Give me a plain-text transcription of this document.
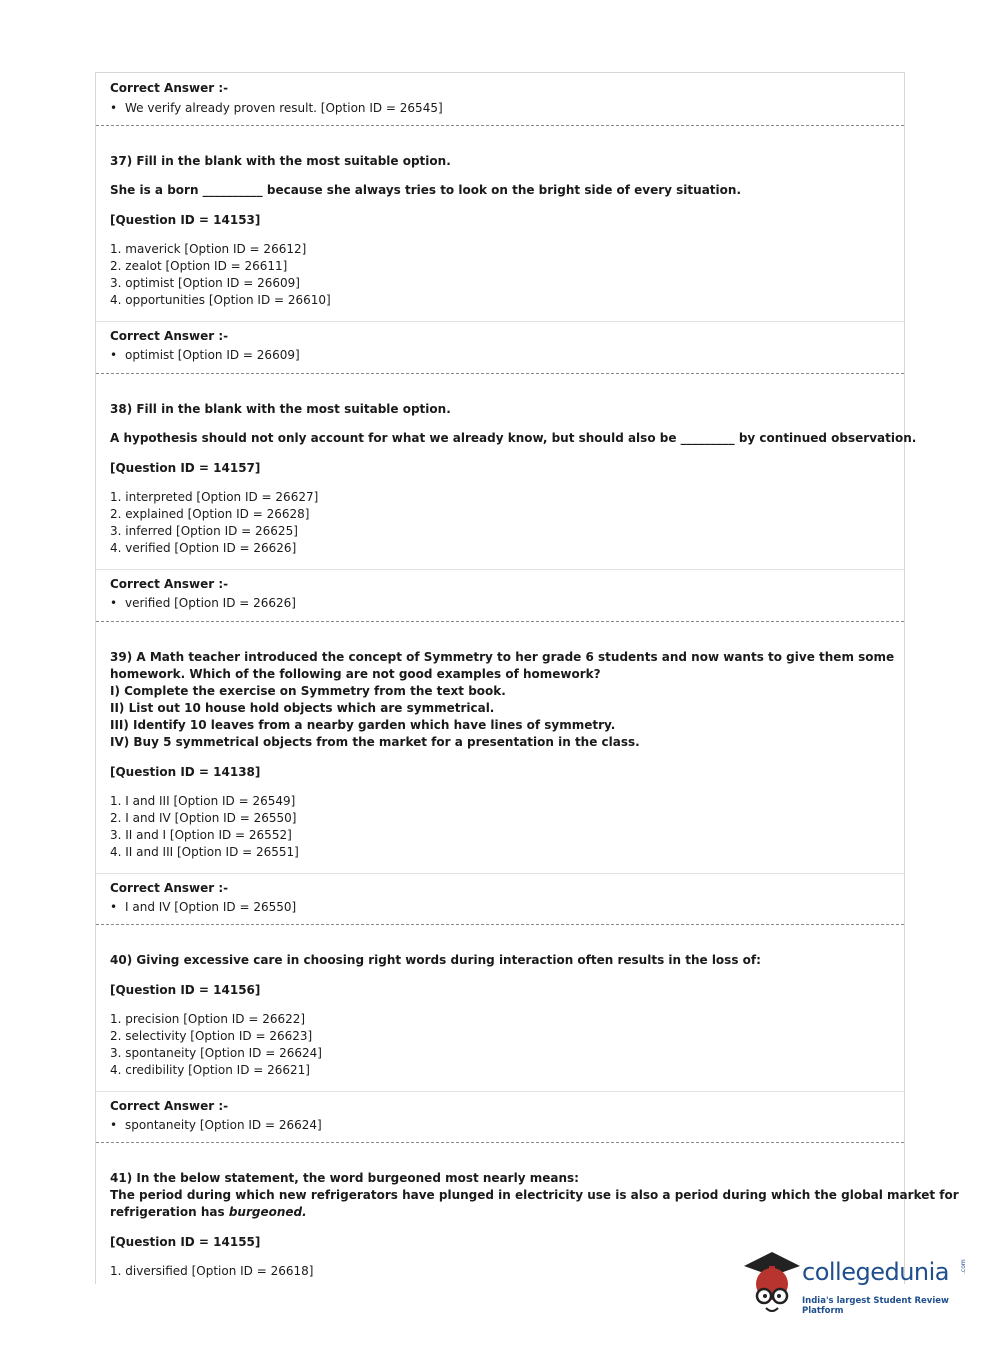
Correct Answer :-
• We verify already proven result. [Option ID = 26545]
37) Fill in the blank with the most suitable option.
She is a born __________ because she always tries to look on the bright side of every situation.
[Question ID = 14153]
1. maverick [Option ID = 26612]
2. zealot [Option ID = 26611]
3. optimist [Option ID = 26609]
4. opportunities [Option ID = 26610]
Correct Answer :-
• optimist [Option ID = 26609]
38) Fill in the blank with the most suitable option.
A hypothesis should not only account for what we already know, but should also be _________ by continued observation.
[Question ID = 14157]
1. interpreted [Option ID = 26627]
2. explained [Option ID = 26628]
3. inferred [Option ID = 26625]
4. verified [Option ID = 26626]
Correct Answer :-
• verified [Option ID = 26626]
39) A Math teacher introduced the concept of Symmetry to her grade 6 students and now wants to give them some
homework. Which of the following are not good examples of homework?
I) Complete the exercise on Symmetry from the text book.
II) List out 10 house hold objects which are symmetrical.
III) Identify 10 leaves from a nearby garden which have lines of symmetry.
IV) Buy 5 symmetrical objects from the market for a presentation in the class.
[Question ID = 14138]
1. I and III [Option ID = 26549]
2. I and IV [Option ID = 26550]
3. II and I [Option ID = 26552]
4. II and III [Option ID = 26551]
Correct Answer :-
• I and IV [Option ID = 26550]
40) Giving excessive care in choosing right words during interaction often results in the loss of:
[Question ID = 14156]
1. precision [Option ID = 26622]
2. selectivity [Option ID = 26623]
3. spontaneity [Option ID = 26624]
4. credibility [Option ID = 26621]
Correct Answer :-
• spontaneity [Option ID = 26624]
41) In the below statement, the word burgeoned most nearly means:
The period during which new refrigerators have plunged in electricity use is also a period during which the global market for
refrigeration has burgeoned.
[Question ID = 14155]
1. diversified [Option ID = 26618]	collegedunia .com
India's largest Student Review Platform
